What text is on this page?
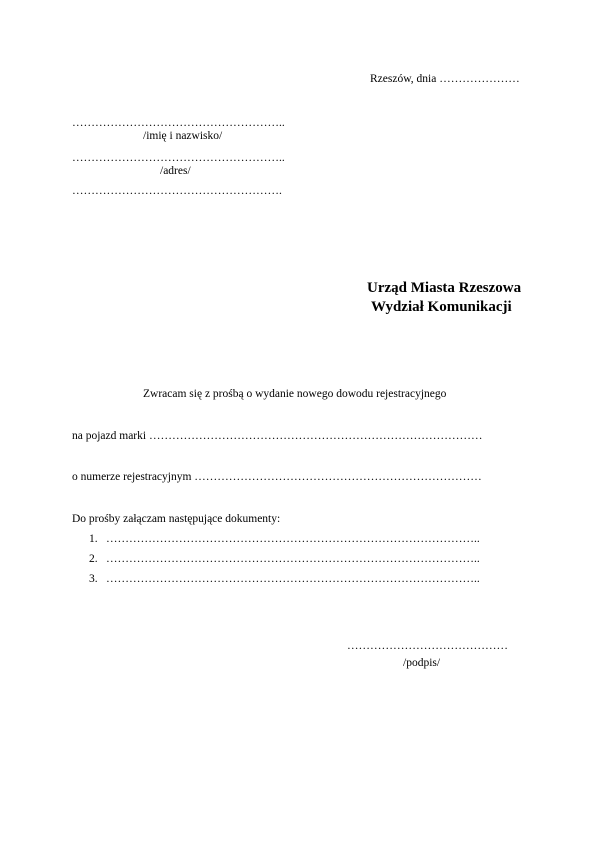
Rzeszów, dnia …………………
………………………………………………..
/imię i nazwisko/
………………………………………………..
/adres/
……………………………………………….
Urząd Miasta Rzeszowa
Wydział Komunikacji
Zwracam się z prośbą o wydanie nowego dowodu rejestracyjnego
na pojazd marki ……………………………………………………………………………
o numerze rejestracyjnym …………………………………………………………………
Do prośby załączam następujące dokumenty:
1. ……………………………………………………………………………………..
2. ……………………………………………………………………………………..
3. ……………………………………………………………………………………..
……………………………………
/podpis/
